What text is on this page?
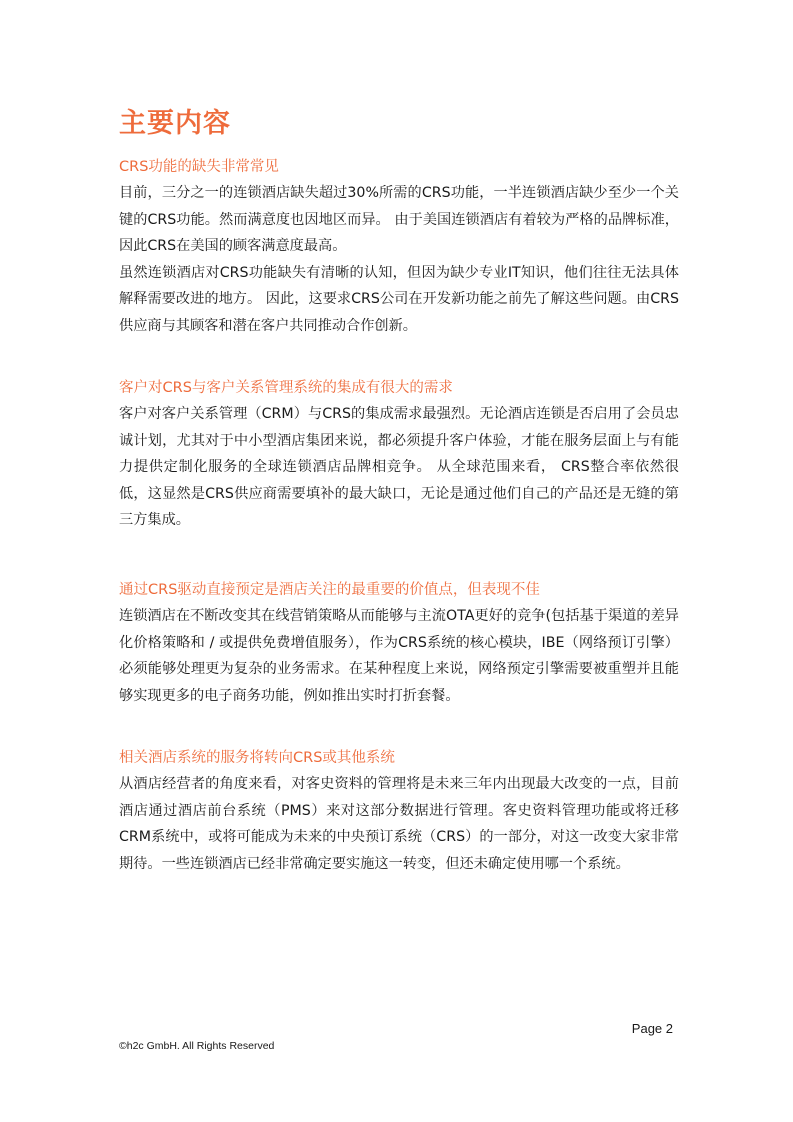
主要内容
CRS功能的缺失非常常见

目前，三分之一的连锁酒店缺失超过30%所需的CRS功能，一半连锁酒店缺少至少一个关键的CRS功能。然而满意度也因地区而异。 由于美国连锁酒店有着较为严格的品牌标准，因此CRS在美国的顾客满意度最高。

虽然连锁酒店对CRS功能缺失有清晰的认知，但因为缺少专业IT知识，他们往往无法具体解释需要改进的地方。 因此，这要求CRS公司在开发新功能之前先了解这些问题。由CRS供应商与其顾客和潜在客户共同推动合作创新。

客户对CRS与客户关系管理系统的集成有很大的需求

客户对客户关系管理（CRM）与CRS的集成需求最强烈。无论酒店连锁是否启用了会员忠诚计划，尤其对于中小型酒店集团来说，都必须提升客户体验，才能在服务层面上与有能力提供定制化服务的全球连锁酒店品牌相竞争。 从全球范围来看， CRS整合率依然很低，这显然是CRS供应商需要填补的最大缺口，无论是通过他们自己的产品还是无缝的第三方集成。

通过CRS驱动直接预定是酒店关注的最重要的价值点，但表现不佳

连锁酒店在不断改变其在线营销策略从而能够与主流OTA更好的竞争(包括基于渠道的差异化价格策略和 / 或提供免费增值服务），作为CRS系统的核心模块，IBE（网络预订引擎）必须能够处理更为复杂的业务需求。在某种程度上来说，网络预定引擎需要被重塑并且能够实现更多的电子商务功能，例如推出实时打折套餐。

相关酒店系统的服务将转向CRS或其他系统

从酒店经营者的角度来看，对客史资料的管理将是未来三年内出现最大改变的一点，目前酒店通过酒店前台系统（PMS）来对这部分数据进行管理。客史资料管理功能或将迁移CRM系统中，或将可能成为未来的中央预订系统（CRS）的一部分，对这一改变大家非常期待。一些连锁酒店已经非常确定要实施这一转变，但还未确定使用哪一个系统。

Page 2
©h2c GmbH. All Rights Reserved
